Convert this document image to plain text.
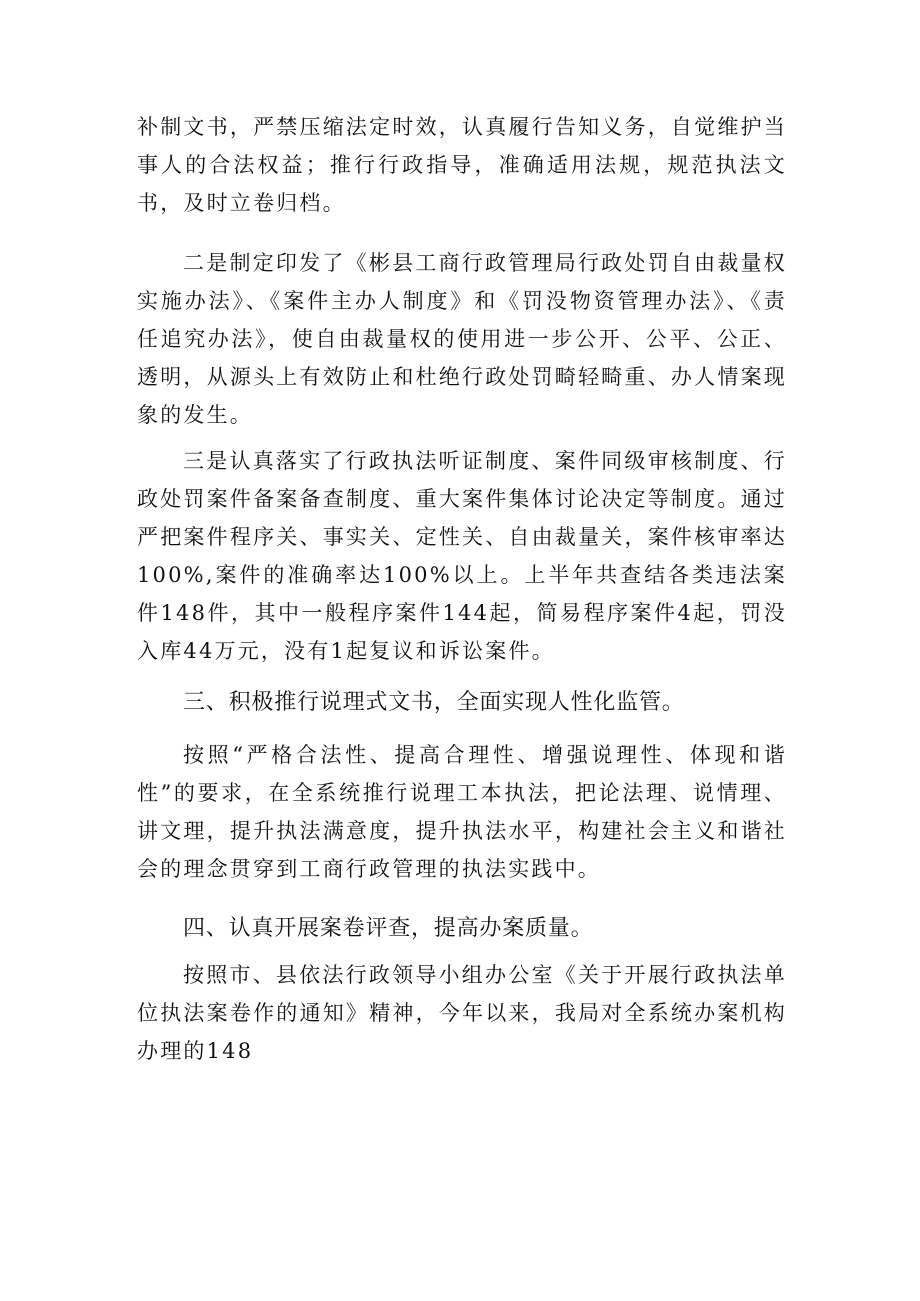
补制文书，严禁压缩法定时效，认真履行告知义务，自觉维护当事人的合法权益；推行行政指导，准确适用法规，规范执法文书，及时立卷归档。

二是制定印发了《彬县工商行政管理局行政处罚自由裁量权实施办法》、《案件主办人制度》和《罚没物资管理办法》、《责任追究办法》，使自由裁量权的使用进一步公开、公平、公正、透明，从源头上有效防止和杜绝行政处罚畸轻畸重、办人情案现象的发生。

三是认真落实了行政执法听证制度、案件同级审核制度、行政处罚案件备案备查制度、重大案件集体讨论决定等制度。通过严把案件程序关、事实关、定性关、自由裁量关，案件核审率达100%,案件的准确率达100%以上。上半年共查结各类违法案件148件，其中一般程序案件144起，简易程序案件4起，罚没入库44万元，没有1起复议和诉讼案件。

三、积极推行说理式文书，全面实现人性化监管。

按照“严格合法性、提高合理性、增强说理性、体现和谐性”的要求，在全系统推行说理工本执法，把论法理、说情理、讲文理，提升执法满意度，提升执法水平，构建社会主义和谐社会的理念贯穿到工商行政管理的执法实践中。

四、认真开展案卷评查，提高办案质量。

按照市、县依法行政领导小组办公室《关于开展行政执法单位执法案卷作的通知》精神，今年以来，我局对全系统办案机构办理的148
